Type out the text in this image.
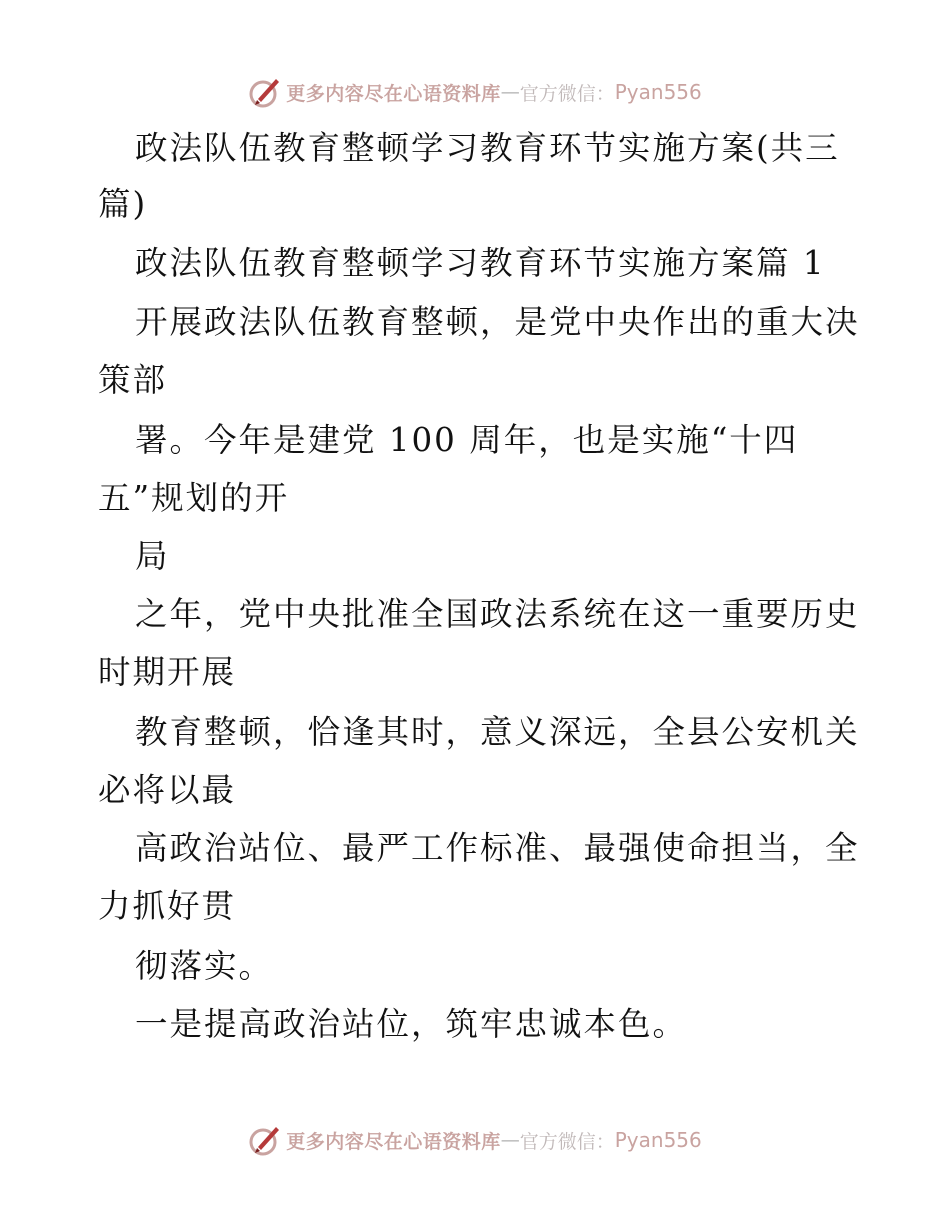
更多内容尽在心语资料库 — 官方微信： Pyan556
政法队伍教育整顿学习教育环节实施方案(共三
篇)
政法队伍教育整顿学习教育环节实施方案篇 1
开展政法队伍教育整顿，是党中央作出的重大决
策部
署。今年是建党 100 周年，也是实施“十四
五”规划的开
局
之年，党中央批准全国政法系统在这一重要历史
时期开展
教育整顿，恰逢其时，意义深远，全县公安机关
必将以最
高政治站位、最严工作标准、最强使命担当，全
力抓好贯
彻落实。
一是提高政治站位，筑牢忠诚本色。
更多内容尽在心语资料库 — 官方微信： Pyan556
